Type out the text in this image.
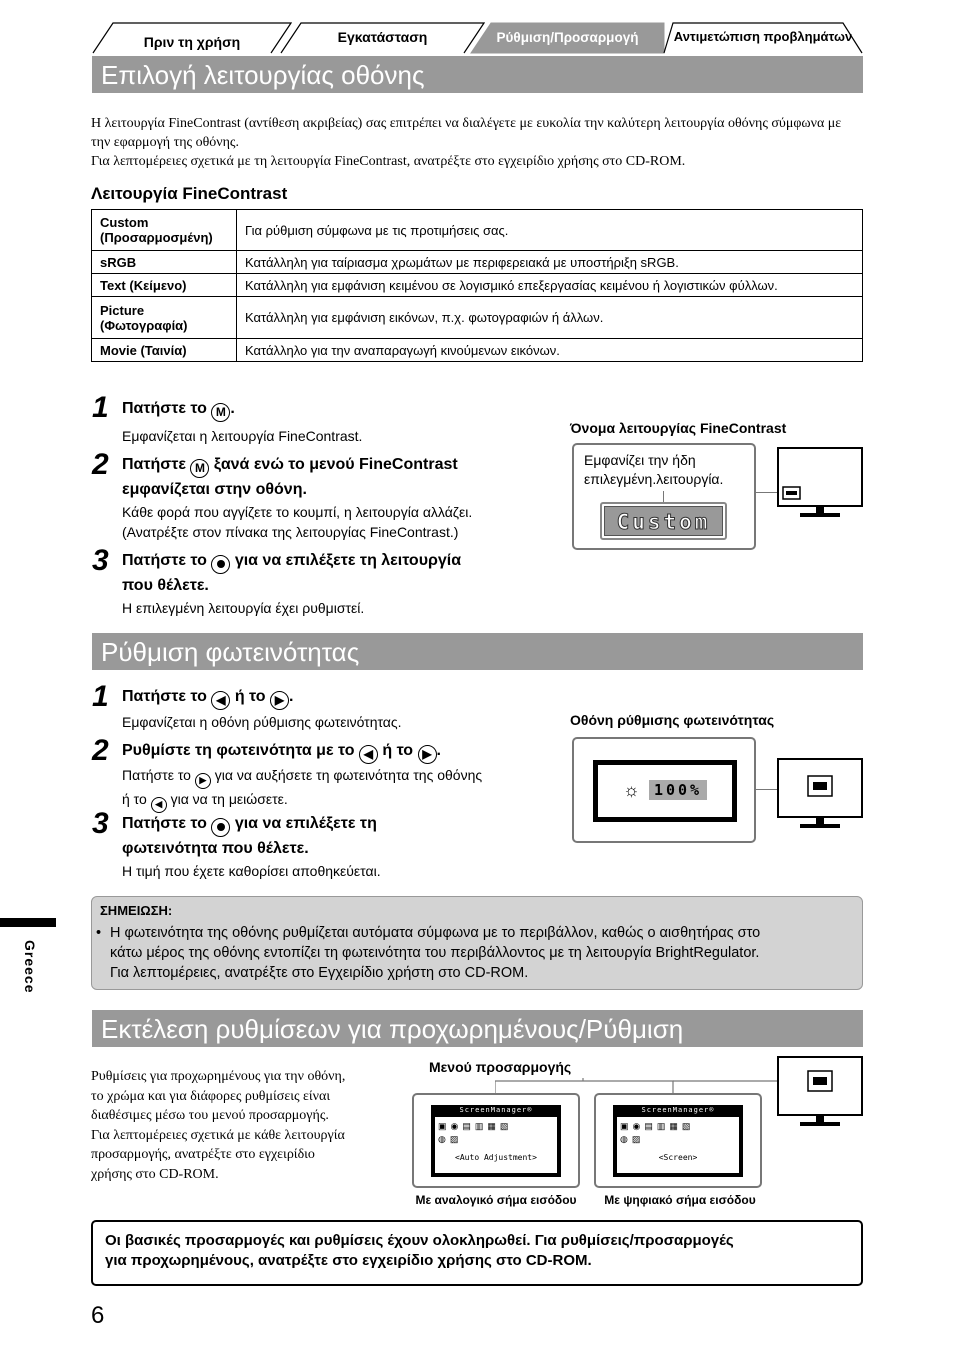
Πριν τη χρήση	Εγκατάσταση	Ρύθμιση/Προσαρμογή	Αντιμετώπιση προβλημάτων
Επιλογή λειτουργίας οθόνης
Η λειτουργία FineContrast (αντίθεση ακριβείας) σας επιτρέπει να διαλέγετε με ευκολία την καλύτερη λειτουργία οθόνης σύμφωνα με την εφαρμογή της οθόνης.
Για λεπτομέρειες σχετικά με τη λειτουργία FineContrast, ανατρέξτε στο εγχειρίδιο χρήσης στο CD-ROM.
Λειτουργία FineContrast
Custom
(Προσαρμοσμένη)	Για ρύθμιση σύμφωνα με τις προτιμήσεις σας.
sRGB	Κατάλληλη για ταίριασμα χρωμάτων με περιφερειακά με υποστήριξη sRGB.
Text (Κείμενο)	Κατάλληλη για εμφάνιση κειμένου σε λογισμικό επεξεργασίας κειμένου ή λογιστικών φύλλων.

Picture
(Φωτογραφία)	Κατάλληλη για εμφάνιση εικόνων, π.χ. φωτογραφιών ή άλλων.
Movie (Ταινία)	Κατάλληλο για την αναπαραγωγή κινούμενων εικόνων.
1 Πατήστε το M .
Εμφανίζεται η λειτουργία FineContrast.
2 Πατήστε M ξανά ενώ το μενού FineContrast
εμφανίζεται στην οθόνη.
Κάθε φορά που αγγίζετε το κουμπί, η λειτουργία αλλάζει.
(Ανατρέξτε στον πίνακα της λειτουργίας FineContrast.)
3 Πατήστε το για να επιλέξετε τη λειτουργία
που θέλετε.
Η επιλεγμένη λειτουργία έχει ρυθμιστεί.
Όνομα λειτουργίας FineContrast
Εμφανίζει την ήδη
επιλεγμένη.λειτουργία.
Custom
Ρύθμιση φωτεινότητας
1 Πατήστε το ◀ ή το ▶ .
Εμφανίζεται η οθόνη ρύθμισης φωτεινότητας.
2 Ρυθμίστε τη φωτεινότητα με το ◀ ή το ▶ .
Πατήστε το ▶ για να αυξήσετε τη φωτεινότητα της οθόνης
ή το ◀ για να τη μειώσετε.
3 Πατήστε το για να επιλέξετε τη
φωτεινότητα που θέλετε.
Η τιμή που έχετε καθορίσει αποθηκεύεται.
Οθόνη ρύθμισης φωτεινότητας
☼ 100%
ΣΗΜΕΙΩΣΗ:
• Η φωτεινότητα της οθόνης ρυθμίζεται αυτόματα σύμφωνα με το περιβάλλον, καθώς ο αισθητήρας στο
κάτω μέρος της οθόνης εντοπίζει τη φωτεινότητα του περιβάλλοντος με τη λειτουργία BrightRegulator.
Για λεπτομέρειες, ανατρέξτε στο Εγχειρίδιο χρήστη στο CD-ROM.
Greece
Εκτέλεση ρυθμίσεων για προχωρημένους/Ρύθμιση
Ρυθμίσεις για προχωρημένους για την οθόνη,
το χρώμα και για διάφορες ρυθμίσεις είναι
διαθέσιμες μέσω του μενού προσαρμογής.
Για λεπτομέρειες σχετικά με κάθε λειτουργία
προσαρμογής, ανατρέξτε στο εγχειρίδιο
χρήσης στο CD-ROM.
Μενού προσαρμογής
ScreenManager®
▣◉▤▥▦▧
◍▨
<Auto Adjustment>
Με αναλογικό σήμα εισόδου
ScreenManager®
▣◉▤▥▦▧
◍▨
<Screen>
Με ψηφιακό σήμα εισόδου
Οι βασικές προσαρμογές και ρυθμίσεις έχουν ολοκληρωθεί. Για ρυθμίσεις/προσαρμογές
για προχωρημένους, ανατρέξτε στο εγχειρίδιο χρήσης στο CD-ROM.
6
